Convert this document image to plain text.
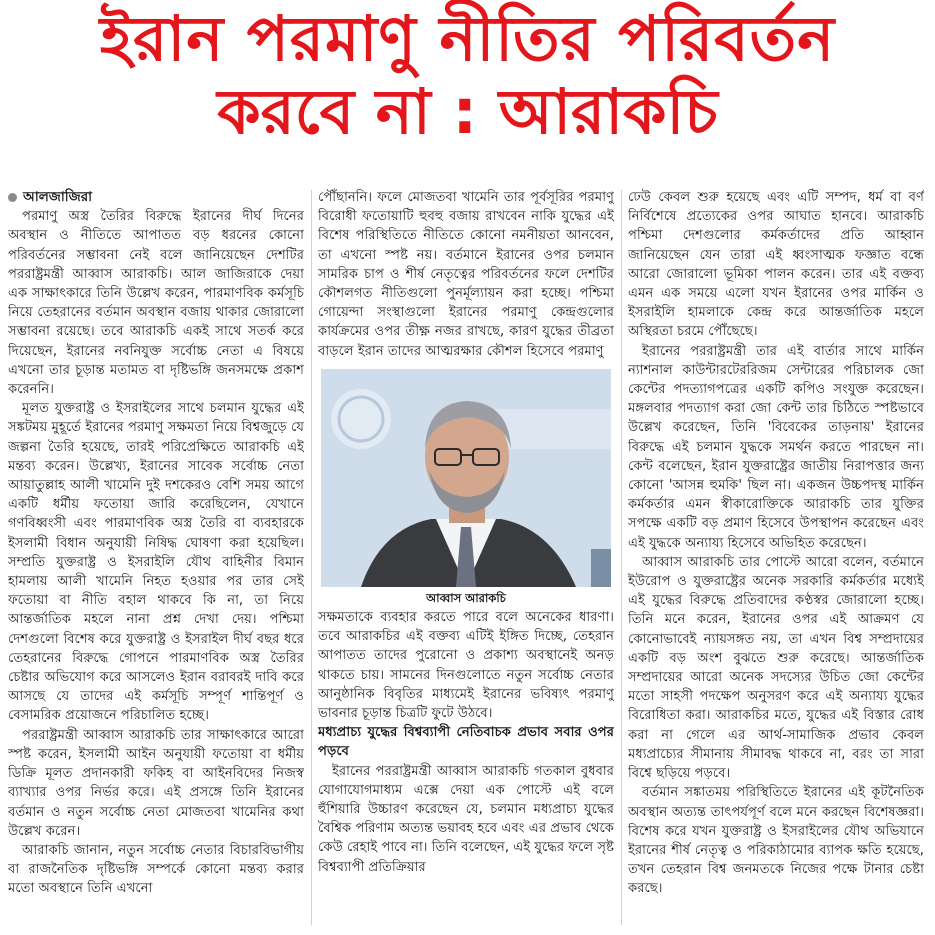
ইরান পরমাণু নীতির পরিবর্তন
করবে না : আরাকচি

আলজাজিরা

পরমাণু অস্ত্র তৈরির বিরুদ্ধে ইরানের দীর্ঘ দিনের অবস্থান ও নীতিতে আপাতত বড় ধরনের কোনো পরিবর্তনের সম্ভাবনা নেই বলে জানিয়েছেন দেশটির পররাষ্ট্রমন্ত্রী আব্বাস আরাকচি। আল জাজিরাকে দেয়া এক সাক্ষাৎকারে তিনি উল্লেখ করেন, পারমাণবিক কর্মসূচি নিয়ে তেহরানের বর্তমান অবস্থান বজায় থাকার জোরালো সম্ভাবনা রয়েছে। তবে আরাকচি একই সাথে সতর্ক করে দিয়েছেন, ইরানের নবনিযুক্ত সর্বোচ্চ নেতা এ বিষয়ে এখনো তার চূড়ান্ত মতামত বা দৃষ্টিভঙ্গি জনসমক্ষে প্রকাশ করেননি।

মূলত যুক্তরাষ্ট্র ও ইসরাইলের সাথে চলমান যুদ্ধের এই সঙ্কটময় মুহূর্তে ইরানের পরমাণু সক্ষমতা নিয়ে বিশ্বজুড়ে যে জল্পনা তৈরি হয়েছে, তারই পরিপ্রেক্ষিতে আরাকচি এই মন্তব্য করেন। উল্লেখ্য, ইরানের সাবেক সর্বোচ্চ নেতা আয়াতুল্লাহ আলী খামেনি দুই দশকেরও বেশি সময় আগে একটি ধর্মীয় ফতোয়া জারি করেছিলেন, যেখানে গণবিধ্বংসী এবং পারমাণবিক অস্ত্র তৈরি বা ব্যবহারকে ইসলামী বিধান অনুযায়ী নিষিদ্ধ ঘোষণা করা হয়েছিল। সম্প্রতি যুক্তরাষ্ট্র ও ইসরাইলি যৌথ বাহিনীর বিমান হামলায় আলী খামেনি নিহত হওয়ার পর তার সেই ফতোয়া বা নীতি বহাল থাকবে কি না, তা নিয়ে আন্তর্জাতিক মহলে নানা প্রশ্ন দেখা দেয়। পশ্চিমা দেশগুলো বিশেষ করে যুক্তরাষ্ট্র ও ইসরাইল দীর্ঘ বছর ধরে তেহরানের বিরুদ্ধে গোপনে পারমাণবিক অস্ত্র তৈরির চেষ্টার অভিযোগ করে আসলেও ইরান বরাবরই দাবি করে আসছে যে তাদের এই কর্মসূচি সম্পূর্ণ শান্তিপূর্ণ ও বেসামরিক প্রয়োজনে পরিচালিত হচ্ছে।

পররাষ্ট্রমন্ত্রী আব্বাস আরাকচি তার সাক্ষাৎকারে আরো স্পষ্ট করেন, ইসলামী আইন অনুযায়ী ফতোয়া বা ধর্মীয় ডিক্রি মূলত প্রদানকারী ফকিহ বা আইনবিদের নিজস্ব ব্যাখ্যার ওপর নির্ভর করে। এই প্রসঙ্গে তিনি ইরানের বর্তমান ও নতুন সর্বোচ্চ নেতা মোজতবা খামেনির কথা উল্লেখ করেন।

আরাকচি জানান, নতুন সর্বোচ্চ নেতার বিচারবিভাগীয় বা রাজনৈতিক দৃষ্টিভঙ্গি সম্পর্কে কোনো মন্তব্য করার মতো অবস্থানে তিনি এখনো

পৌঁছাননি। ফলে মোজতবা খামেনি তার পূর্বসূরির পরমাণু বিরোধী ফতোয়াটি হুবহু বজায় রাখবেন নাকি যুদ্ধের এই বিশেষ পরিস্থিতিতে নীতিতে কোনো নমনীয়তা আনবেন, তা এখনো স্পষ্ট নয়। বর্তমানে ইরানের ওপর চলমান সামরিক চাপ ও শীর্ষ নেতৃত্বের পরিবর্তনের ফলে দেশটির কৌশলগত নীতিগুলো পুনর্মূল্যায়ন করা হচ্ছে। পশ্চিমা গোয়েন্দা সংস্থাগুলো ইরানের পরমাণু কেন্দ্রগুলোর কার্যক্রমের ওপর তীক্ষ্ণ নজর রাখছে, কারণ যুদ্ধের তীব্রতা বাড়লে ইরান তাদের আত্মরক্ষার কৌশল হিসেবে পরমাণু

আব্বাস আরাকচি

সক্ষমতাকে ব্যবহার করতে পারে বলে অনেকের ধারণা। তবে আরাকচির এই বক্তব্য এটিই ইঙ্গিত দিচ্ছে, তেহরান আপাতত তাদের পুরোনো ও প্রকাশ্য অবস্থানেই অনড় থাকতে চায়। সামনের দিনগুলোতে নতুন সর্বোচ্চ নেতার আনুষ্ঠানিক বিবৃতির মাধ্যমেই ইরানের ভবিষ্যৎ পরমাণু ভাবনার চূড়ান্ত চিত্রটি ফুটে উঠবে।

মধ্যপ্রাচ্য যুদ্ধের বিশ্বব্যাপী নেতিবাচক প্রভাব সবার ওপর পড়বে

ইরানের পররাষ্ট্রমন্ত্রী আব্বাস আরাকচি গতকাল বুধবার যোগাযোগমাধ্যম এক্সে দেয়া এক পোস্টে এই বলে হুঁশিয়ারি উচ্চারণ করেছেন যে, চলমান মধ্যপ্রাচ্য যুদ্ধের বৈশ্বিক পরিণাম অত্যন্ত ভয়াবহ হবে এবং এর প্রভাব থেকে কেউ রেহাই পাবে না। তিনি বলেছেন, এই যুদ্ধের ফলে সৃষ্ট বিশ্বব্যাপী প্রতিক্রিয়ার

ঢেউ কেবল শুরু হয়েছে এবং এটি সম্পদ, ধর্ম বা বর্ণ নির্বিশেষে প্রত্যেকের ওপর আঘাত হানবে। আরাকচি পশ্চিমা দেশগুলোর কর্মকর্তাদের প্রতি আহ্বান জানিয়েছেন যেন তারা এই ধ্বংসাত্মক ফজ্ঞাত বন্ধে আরো জোরালো ভূমিকা পালন করেন। তার এই বক্তব্য এমন এক সময়ে এলো যখন ইরানের ওপর মার্কিন ও ইসরাইলি হামলাকে কেন্দ্র করে আন্তর্জাতিক মহলে অস্থিরতা চরমে পৌঁছেছে।

ইরানের পররাষ্ট্রমন্ত্রী তার এই বার্তার সাথে মার্কিন ন্যাশনাল কাউন্টারটেররিজম সেন্টারের পরিচালক জো কেন্টের পদত্যাগপত্রের একটি কপিও সংযুক্ত করেছেন। মঙ্গলবার পদত্যাগ করা জো কেন্ট তার চিঠিতে স্পষ্টভাবে উল্লেখ করেছেন, তিনি 'বিবেকের তাড়নায়' ইরানের বিরুদ্ধে এই চলমান যুদ্ধকে সমর্থন করতে পারছেন না। কেন্ট বলেছেন, ইরান যুক্তরাষ্ট্রের জাতীয় নিরাপত্তার জন্য কোনো 'আসন্ন হুমকি' ছিল না। একজন উচ্চপদস্থ মার্কিন কর্মকর্তার এমন স্বীকারোক্তিকে আরাকচি তার যুক্তির সপক্ষে একটি বড় প্রমাণ হিসেবে উপস্থাপন করেছেন এবং এই যুদ্ধকে অন্যায্য হিসেবে অভিহিত করেছেন।

আব্বাস আরাকচি তার পোস্টে আরো বলেন, বর্তমানে ইউরোপ ও যুক্তরাষ্ট্রের অনেক সরকারি কর্মকর্তার মধ্যেই এই যুদ্ধের বিরুদ্ধে প্রতিবাদের কণ্ঠস্বর জোরালো হচ্ছে। তিনি মনে করেন, ইরানের ওপর এই আক্রমণ যে কোনোভাবেই ন্যায়সঙ্গত নয়, তা এখন বিশ্ব সম্প্রদায়ের একটি বড় অংশ বুঝতে শুরু করেছে। আন্তর্জাতিক সম্প্রদায়ের আরো অনেক সদস্যের উচিত জো কেন্টের মতো সাহসী পদক্ষেপ অনুসরণ করে এই অন্যায্য যুদ্ধের বিরোধিতা করা। আরাকচির মতে, যুদ্ধের এই বিস্তার রোধ করা না গেলে এর আর্থ-সামাজিক প্রভাব কেবল মধ্যপ্রাচ্যের সীমানায় সীমাবদ্ধ থাকবে না, বরং তা সারা বিশ্বে ছড়িয়ে পড়বে।

বর্তমান সঙ্কাতময় পরিস্থিতিতে ইরানের এই কূটনৈতিক অবস্থান অত্যন্ত তাৎপর্যপূর্ণ বলে মনে করছেন বিশেষজ্ঞরা। বিশেষ করে যখন যুক্তরাষ্ট্র ও ইসরাইলের যৌথ অভিযানে ইরানের শীর্ষ নেতৃত্ব ও পরিকাঠামোর ব্যাপক ক্ষতি হয়েছে, তখন তেহরান বিশ্ব জনমতকে নিজের পক্ষে টানার চেষ্টা করছে।
